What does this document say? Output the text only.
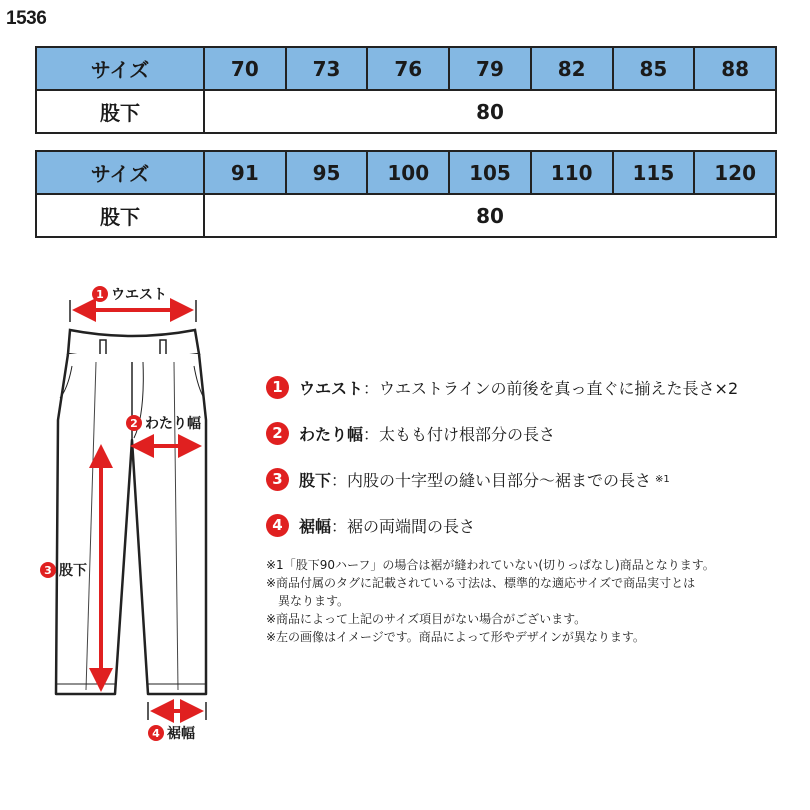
1536
サイズ	70	73	76	79	82	85	88
股下	80						
サイズ	91	95	100	105	110	115	120
股下	80						
1 ウエスト
2 わたり幅
3 股下
4 裾幅
1	ウエスト ：ウエストラインの前後を真っ直ぐに揃えた長さ×2
2	わたり幅 ：太もも付け根部分の長さ
3	股下 ：内股の十字型の縫い目部分～裾までの長さ ※1
4	裾幅 ：裾の両端間の長さ
※1「股下90ハーフ」の場合は裾が縫われていない(切りっぱなし)商品となります。
※商品付属のタグに記載されている寸法は、標準的な適応サイズで商品実寸とは
異なります。
※商品によって上記のサイズ項目がない場合がございます。
※左の画像はイメージです。商品によって形やデザインが異なります。
